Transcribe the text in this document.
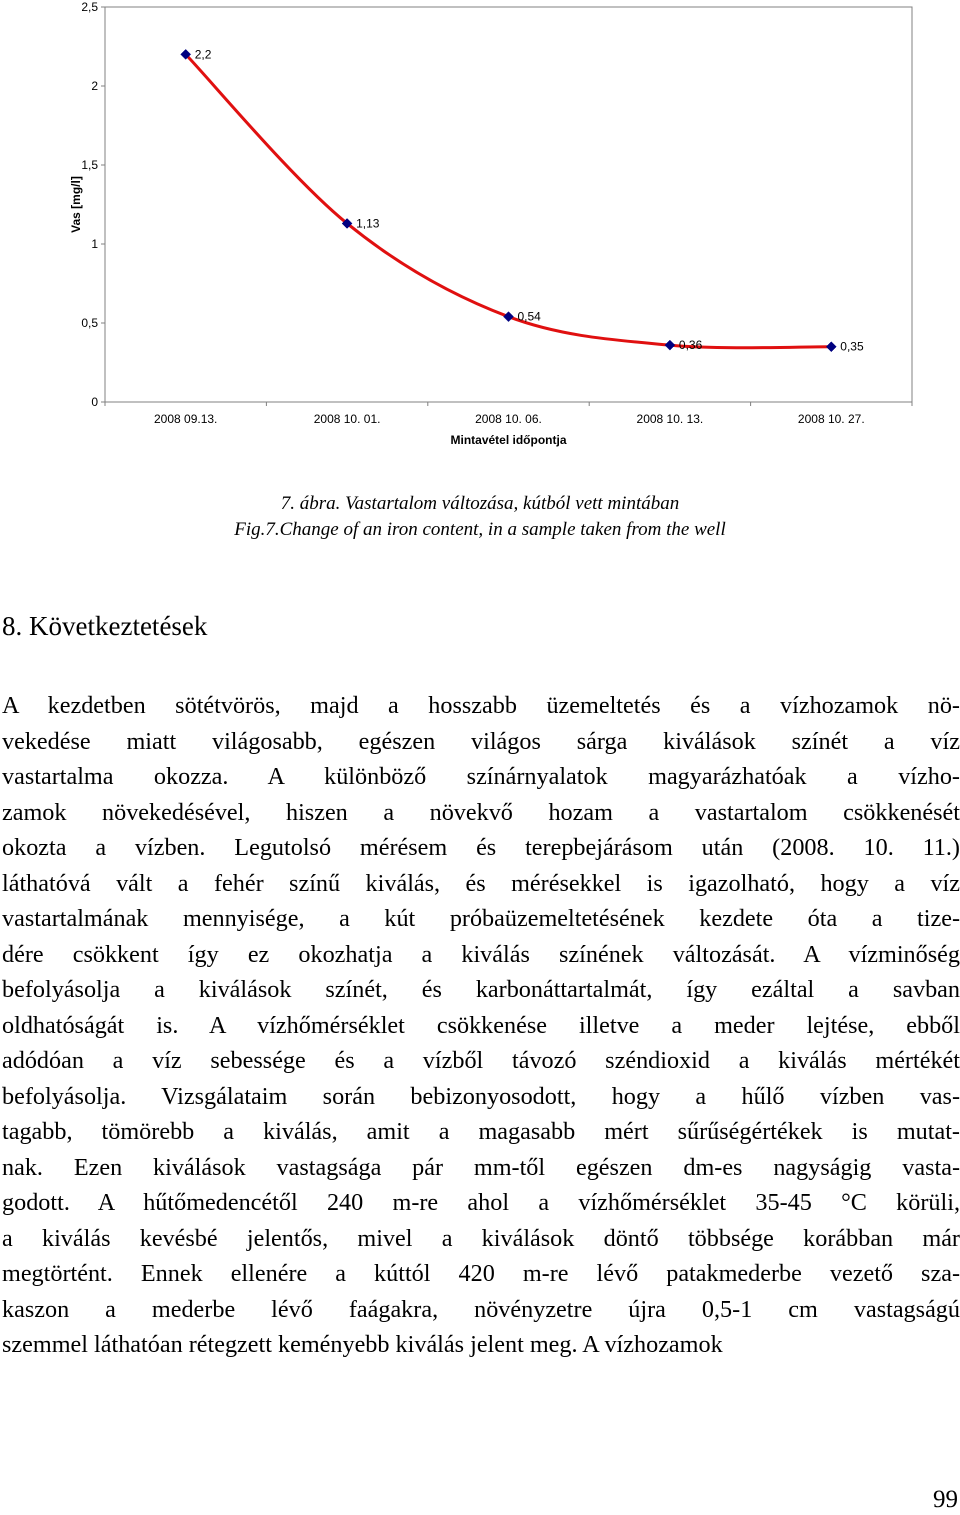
0
0,5
1
1,5
2
2,5
2008 09.13.	2008 10. 01.	2008 10. 06.	2008 10. 13.	2008 10. 27.
Mintavétel időpontja
Vas [mg/l]
2,2
1,13
0,54
0,36	0,35
7. ábra. Vastartalom változása, kútból vett mintában
Fig.7.Change of an iron content, in a sample taken from the well
8. Következtetések
A kezdetben sötétvörös, majd a hosszabb üzemeltetés és a vízhozamok nö-
vekedése miatt világosabb, egészen világos sárga kiválások színét a víz
vastartalma okozza. A különböző színárnyalatok magyarázhatóak a vízho-
zamok növekedésével, hiszen a növekvő hozam a vastartalom csökkenését
okozta a vízben. Legutolsó mérésem és terepbejárásom után (2008. 10. 11.)
láthatóvá vált a fehér színű kiválás, és mérésekkel is igazolható, hogy a víz
vastartalmának mennyisége, a kút próbaüzemeltetésének kezdete óta a tize-
dére csökkent így ez okozhatja a kiválás színének változását. A vízminőség
befolyásolja a kiválások színét, és karbonáttartalmát, így ezáltal a savban
oldhatóságát is. A vízhőmérséklet csökkenése illetve a meder lejtése, ebből
adódóan a víz sebessége és a vízből távozó széndioxid a kiválás mértékét
befolyásolja. Vizsgálataim során bebizonyosodott, hogy a hűlő vízben vas-
tagabb, tömörebb a kiválás, amit a magasabb mért sűrűségértékek is mutat-
nak. Ezen kiválások vastagsága pár mm-től egészen dm-es nagyságig vasta-
godott. A hűtőmedencétől 240 m-re ahol a vízhőmérséklet 35-45 °C körüli,
a kiválás kevésbé jelentős, mivel a kiválások döntő többsége korábban már
megtörtént. Ennek ellenére a kúttól 420 m-re lévő patakmederbe vezető sza-
kaszon a mederbe lévő faágakra, növényzetre újra 0,5-1 cm vastagságú
szemmel láthatóan rétegzett keményebb kiválás jelent meg. A vízhozamok
99
